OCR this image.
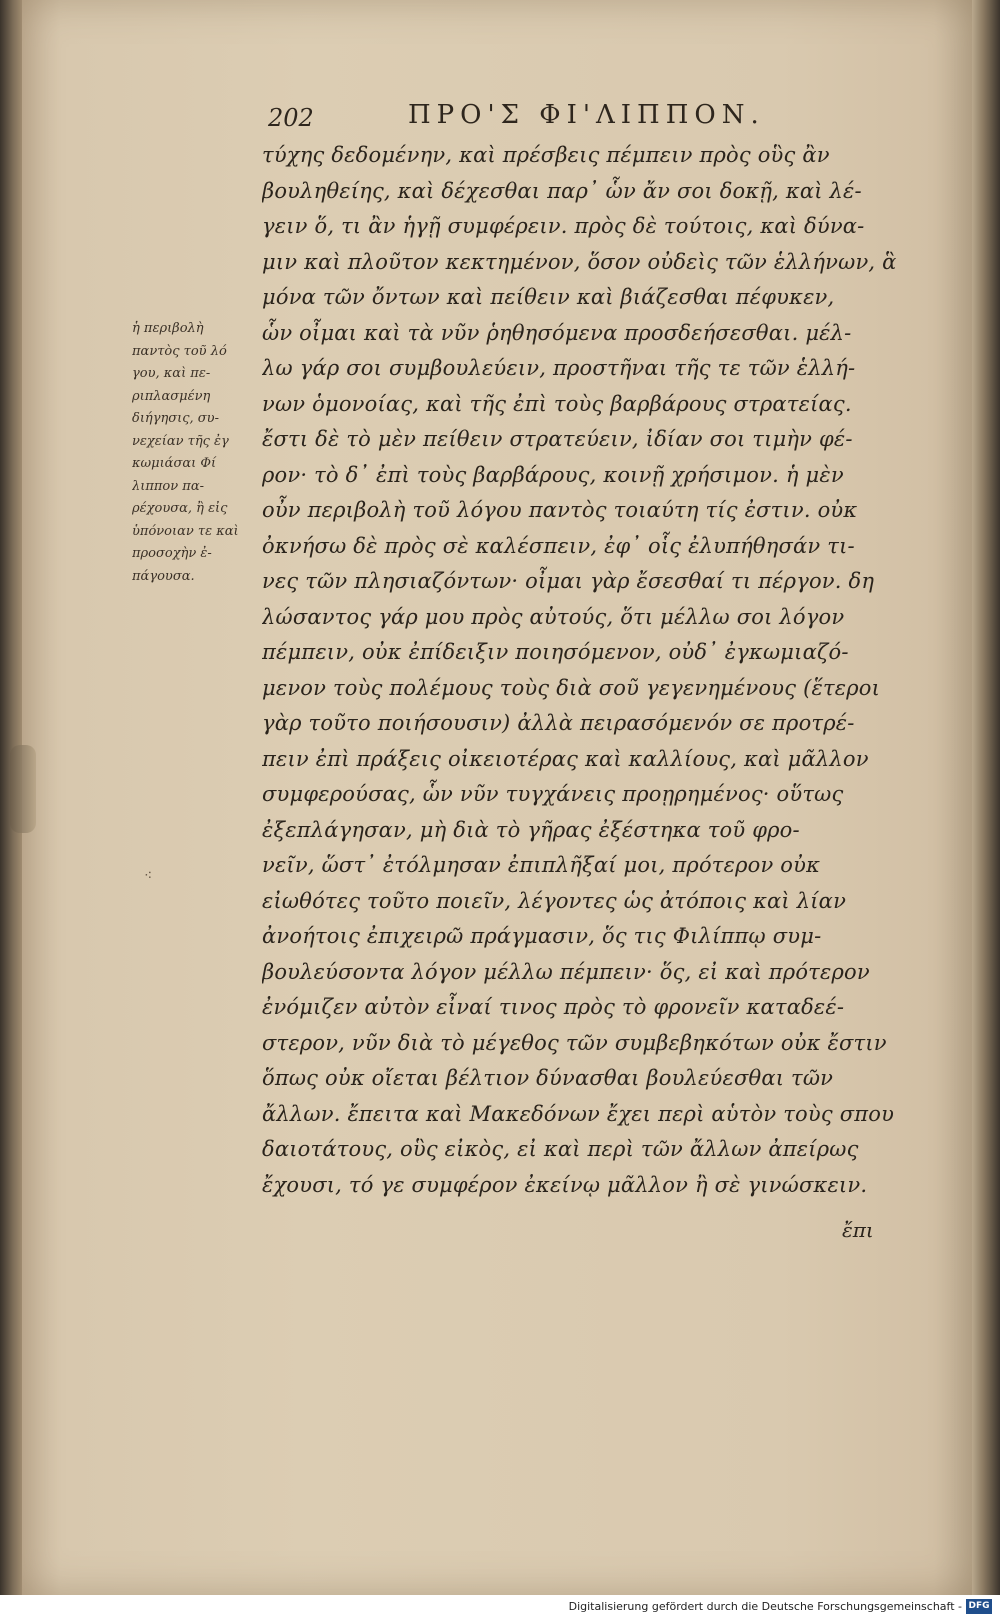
202	ΠΡΟ'Σ ΦΙ'ΛΙΠΠΟΝ.
ἡ περιβολὴ
παντὸς τοῦ λό
γου, καὶ πε-
ριπλασμένη
διήγησις, συ-
νεχείαν τῆς ἐγ
κωμιάσαι Φί
λιππον πα-
ρέχουσα, ἢ εἰς
ὑπόνοιαν τε καὶ
προσοχὴν ἐ-
πάγουσα.
τύχης δεδομένην, καὶ πρέσβεις πέμπειν πρὸς οὓς ἂν
βουληθείης, καὶ δέχεσθαι παρ᾽ ὧν ἄν σοι δοκῇ, καὶ λέ-
γειν ὅ, τι ἂν ἡγῇ συμφέρειν. πρὸς δὲ τούτοις, καὶ δύνα-
μιν καὶ πλοῦτον κεκτημένον, ὅσον οὐδεὶς τῶν ἑλλήνων, ἃ
μόνα τῶν ὄντων καὶ πείθειν καὶ βιάζεσθαι πέφυκεν,
ὧν οἶμαι καὶ τὰ νῦν ῥηθησόμενα προσδεήσεσθαι. μέλ-
λω γάρ σοι συμβουλεύειν, προστῆναι τῆς τε τῶν ἑλλή-
νων ὁμονοίας, καὶ τῆς ἐπὶ τοὺς βαρβάρους στρατείας.
ἔστι δὲ τὸ μὲν πείθειν στρατεύειν, ἰδίαν σοι τιμὴν φέ-
ρον· τὸ δ᾽ ἐπὶ τοὺς βαρβάρους, κοινῇ χρήσιμον. ἡ μὲν
οὖν περιβολὴ τοῦ λόγου παντὸς τοιαύτη τίς ἐστιν. οὐκ
ὀκνήσω δὲ πρὸς σὲ καλέσπειν, ἐφ᾽ οἷς ἐλυπήθησάν τι-
νες τῶν πλησιαζόντων· οἶμαι γὰρ ἔσεσθαί τι πέργον. δη
λώσαντος γάρ μου πρὸς αὐτούς, ὅτι μέλλω σοι λόγον
πέμπειν, οὐκ ἐπίδειξιν ποιησόμενον, οὐδ᾽ ἐγκωμιαζό-
μενον τοὺς πολέμους τοὺς διὰ σοῦ γεγενημένους (ἕτεροι
γὰρ τοῦτο ποιήσουσιν) ἀλλὰ πειρασόμενόν σε προτρέ-
πειν ἐπὶ πράξεις οἰκειοτέρας καὶ καλλίους, καὶ μᾶλλον
συμφερούσας, ὧν νῦν τυγχάνεις προῃρημένος· οὕτως
ἐξεπλάγησαν, μὴ διὰ τὸ γῆρας ἐξέστηκα τοῦ φρο-
νεῖν, ὥστ᾽ ἐτόλμησαν ἐπιπλῆξαί μοι, πρότερον οὐκ
εἰωθότες τοῦτο ποιεῖν, λέγοντες ὡς ἀτόποις καὶ λίαν
ἀνοήτοις ἐπιχειρῶ πράγμασιν, ὅς τις Φιλίππῳ συμ-
βουλεύσοντα λόγον μέλλω πέμπειν· ὅς, εἰ καὶ πρότερον
ἐνόμιζεν αὐτὸν εἶναί τινος πρὸς τὸ φρονεῖν καταδεέ-
στερον, νῦν διὰ τὸ μέγεθος τῶν συμβεβηκότων οὐκ ἔστιν
ὅπως οὐκ οἴεται βέλτιον δύνασθαι βουλεύεσθαι τῶν
ἄλλων. ἔπειτα καὶ Μακεδόνων ἔχει περὶ αὑτὸν τοὺς σπου
δαιοτάτους, οὓς εἰκὸς, εἰ καὶ περὶ τῶν ἄλλων ἀπείρως
ἔχουσι, τό γε συμφέρον ἐκείνῳ μᾶλλον ἢ σὲ γινώσκειν.
⁖
ἔπι
Digitalisierung gefördert durch die Deutsche Forschungsgemeinschaft - DFG
